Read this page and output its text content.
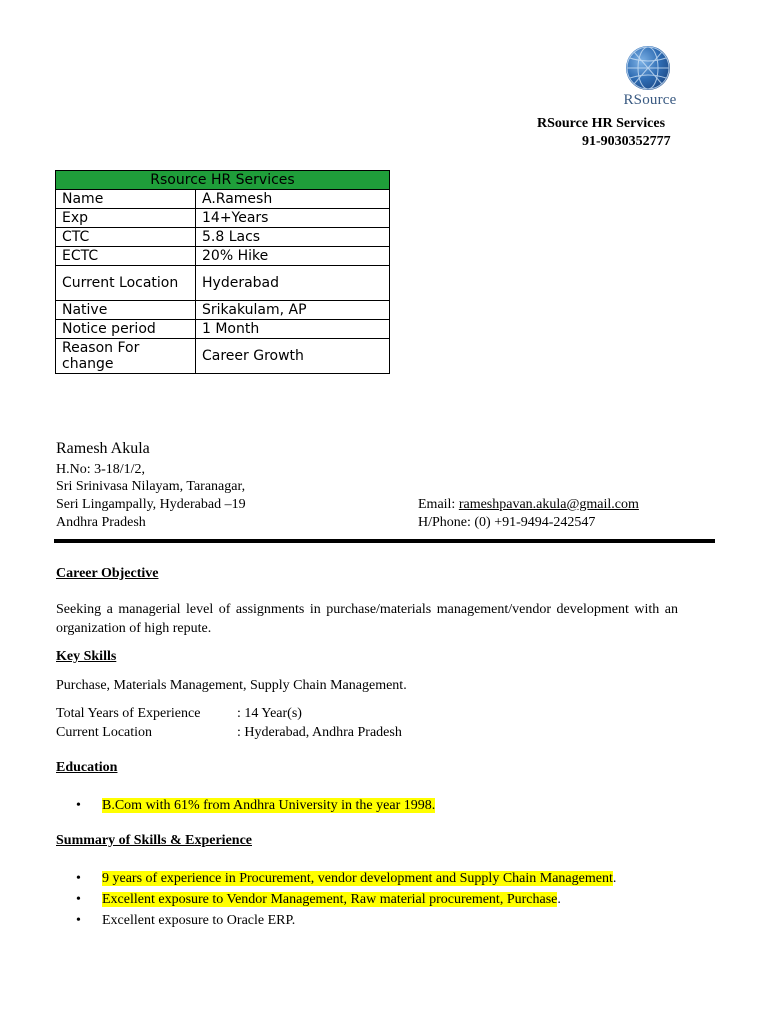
RSource
RSource HR Services
91-9030352777
Rsource HR Services	
Name	A.Ramesh
Exp	14+Years
CTC	5.8 Lacs
ECTC	20% Hike
Current Location	Hyderabad
Native	Srikakulam, AP
Notice period	1 Month
Reason For change	Career Growth
Ramesh Akula
H.No: 3-18/1/2,
Sri Srinivasa Nilayam, Taranagar,
Seri Lingampally, Hyderabad –19
Andhra Pradesh
Email: rameshpavan.akula@gmail.com
H/Phone: (0) +91-9494-242547
Career Objective
Seeking a managerial level of assignments in purchase/materials management/vendor development with an organization of high repute.
Key Skills
Purchase, Materials Management, Supply Chain Management.
Total Years of Experience	: 14 Year(s)
Current Location	: Hyderabad, Andhra Pradesh
Education
• B.Com with 61% from Andhra University in the year 1998.
Summary of Skills & Experience
• 9 years of experience in Procurement, vendor development and Supply Chain Management.
• Excellent exposure to Vendor Management, Raw material procurement, Purchase.
• Excellent exposure to Oracle ERP.
